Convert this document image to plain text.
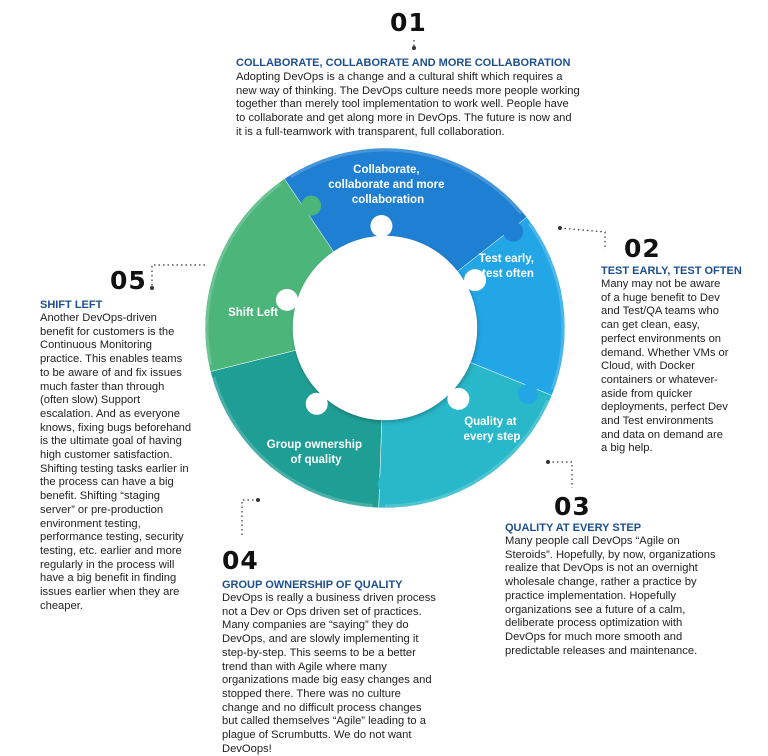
Collaborate, collaborate and more collaboration
Test early, test often
Quality at every step
Group ownership of quality
Shift Left
01
COLLABORATE, COLLABORATE AND MORE COLLABORATION
Adopting DevOps is a change and a cultural shift which requires a
new way of thinking. The DevOps culture needs more people working
together than merely tool implementation to work well. People have
to collaborate and get along more in DevOps. The future is now and
it is a full-teamwork with transparent, full collaboration.
02
TEST EARLY, TEST OFTEN
Many may not be aware
of a huge benefit to Dev
and Test/QA teams who
can get clean, easy,
perfect environments on
demand. Whether VMs or
Cloud, with Docker
containers or whatever-
aside from quicker
deployments, perfect Dev
and Test environments
and data on demand are
a big help.
03
QUALITY AT EVERY STEP
Many people call DevOps “Agile on
Steroids”. Hopefully, by now, organizations
realize that DevOps is not an overnight
wholesale change, rather a practice by
practice implementation. Hopefully
organizations see a future of a calm,
deliberate process optimization with
DevOps for much more smooth and
predictable releases and maintenance.
04
GROUP OWNERSHIP OF QUALITY
DevOps is really a business driven process
not a Dev or Ops driven set of practices.
Many companies are “saying” they do
DevOps, and are slowly implementing it
step-by-step. This seems to be a better
trend than with Agile where many
organizations made big easy changes and
stopped there. There was no culture
change and no difficult process changes
but called themselves “Agile” leading to a
plague of Scrumbutts. We do not want
DevOops!
05
SHIFT LEFT
Another DevOps-driven
benefit for customers is the
Continuous Monitoring
practice. This enables teams
to be aware of and fix issues
much faster than through
(often slow) Support
escalation. And as everyone
knows, fixing bugs beforehand
is the ultimate goal of having
high customer satisfaction.
Shifting testing tasks earlier in
the process can have a big
benefit. Shifting “staging
server” or pre-production
environment testing,
performance testing, security
testing, etc. earlier and more
regularly in the process will
have a big benefit in finding
issues earlier when they are
cheaper.
